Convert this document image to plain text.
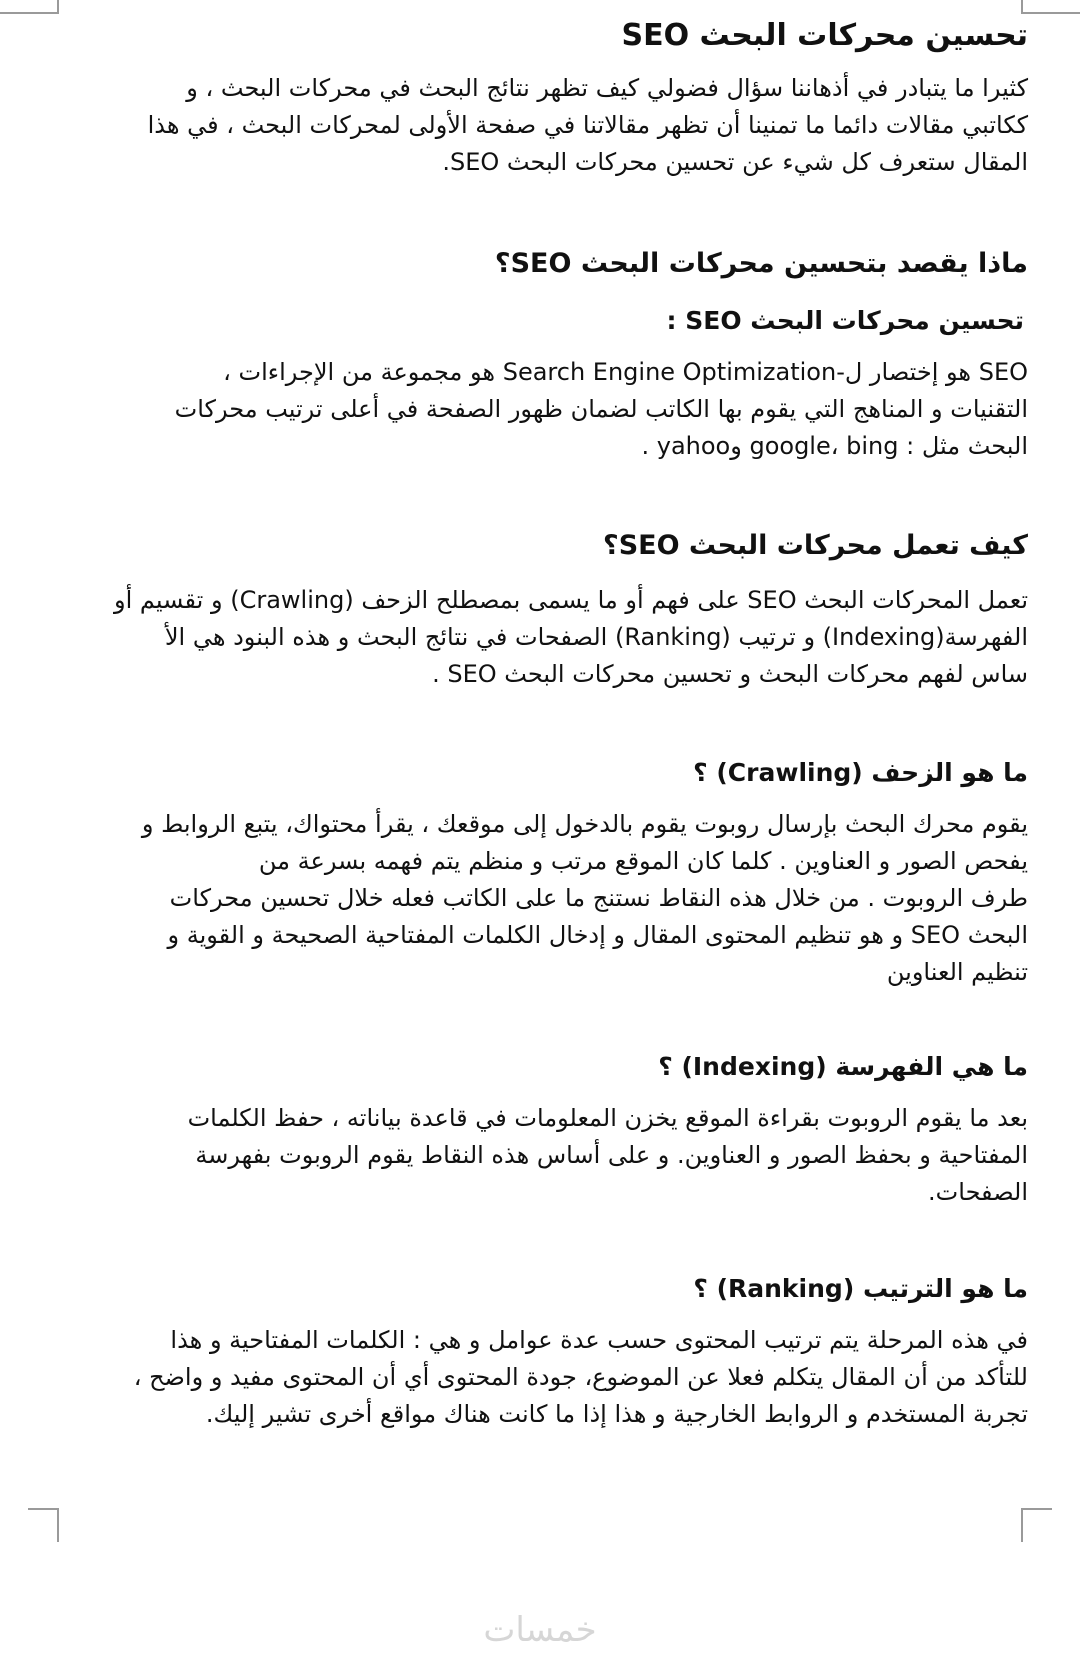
تحسين محركات البحث SEO
كثيرا ما يتبادر في أذهاننا سؤال فضولي كيف تظهر نتائج البحث في محركات البحث ، و
ككاتبي مقالات دائما ما تمنينا أن تظهر مقالاتنا في صفحة الأولى لمحركات البحث ، في هذا
المقال ستعرف كل شيء عن تحسين محركات البحث SEO.
ماذا يقصد بتحسين محركات البحث SEO؟
تحسين محركات البحث SEO :
SEO هو إختصار ل-Search Engine Optimization هو مجموعة من الإجراءات ،
التقنيات و المناهج التي يقوم بها الكاتب لضمان ظهور الصفحة في أعلى ترتيب محركات
البحث مثل : google، bing وyahoo .
كيف تعمل محركات البحث SEO؟
تعمل المحركات البحث SEO على فهم أو ما يسمى بمصطلح الزحف (Crawling) و تقسيم أو
الفهرسة(Indexing) و ترتيب (Ranking) الصفحات في نتائج البحث و هذه البنود هي الأ
ساس لفهم محركات البحث و تحسين محركات البحث SEO .
ما هو الزحف (Crawling) ؟
يقوم محرك البحث بإرسال روبوت يقوم بالدخول إلى موقعك ، يقرأ محتواك، يتبع الروابط و
يفحص الصور و العناوين . كلما كان الموقع مرتب و منظم يتم فهمه بسرعة من
طرف الروبوت . من خلال هذه النقاط نستنج ما على الكاتب فعله خلال تحسين محركات
البحث SEO و هو تنظيم المحتوى المقال و إدخال الكلمات المفتاحية الصحيحة و القوية و
تنظيم العناوين
ما هي الفهرسة (Indexing) ؟
بعد ما يقوم الروبوت بقراءة الموقع يخزن المعلومات في قاعدة بياناته ، حفظ الكلمات
المفتاحية و بحفظ الصور و العناوين. و على أساس هذه النقاط يقوم الروبوت بفهرسة
الصفحات.
ما هو الترتيب (Ranking) ؟
في هذه المرحلة يتم ترتيب المحتوى حسب عدة عوامل و هي : الكلمات المفتاحية و هذا
للتأكد من أن المقال يتكلم فعلا عن الموضوع، جودة المحتوى أي أن المحتوى مفيد و واضح ،
تجربة المستخدم و الروابط الخارجية و هذا إذا ما كانت هناك مواقع أخرى تشير إليك.
خمسات
